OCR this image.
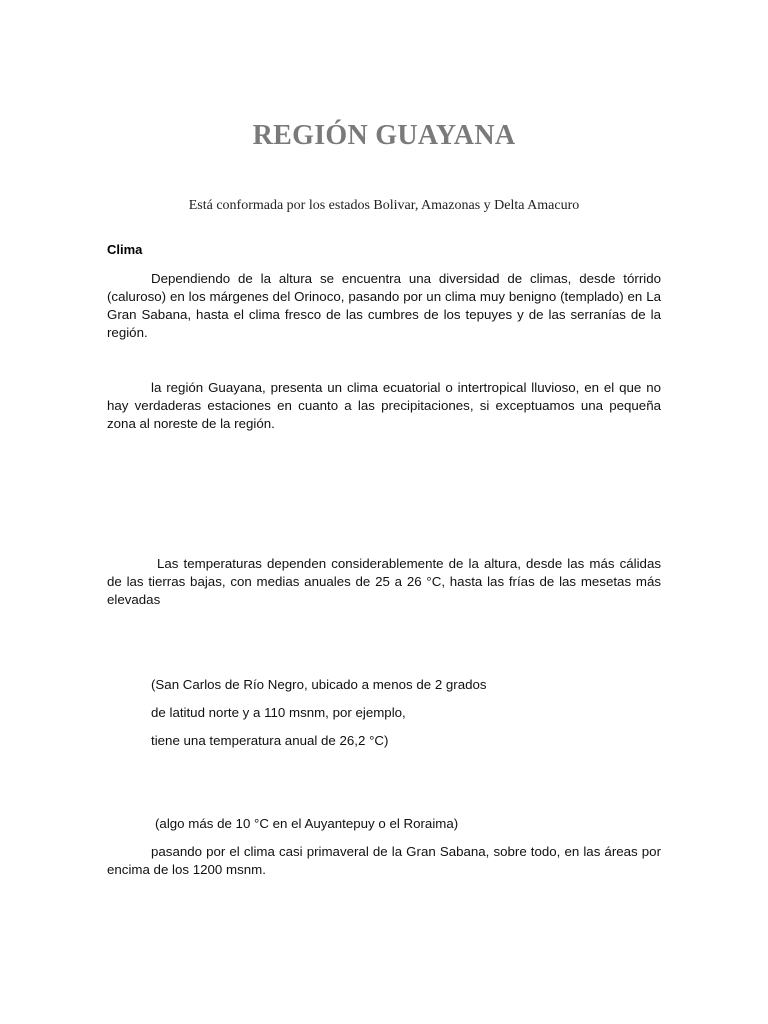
REGIÓN GUAYANA
Está conformada por los estados Bolivar, Amazonas y Delta Amacuro
Clima
Dependiendo de la altura se encuentra una diversidad de climas, desde tórrido (caluroso) en los márgenes del Orinoco, pasando por un clima muy benigno (templado) en La Gran Sabana, hasta el clima fresco de las cumbres de los tepuyes y de las serranías de la región.
la región Guayana, presenta un clima ecuatorial o intertropical lluvioso, en el que no hay verdaderas estaciones en cuanto a las precipitaciones, si exceptuamos una pequeña zona al noreste de la región.
Las temperaturas dependen considerablemente de la altura, desde las más cálidas de las tierras bajas, con medias anuales de 25 a 26 °C, hasta las frías de las mesetas más elevadas
(San Carlos de Río Negro, ubicado a menos de 2 grados
de latitud norte y a 110 msnm, por ejemplo,
tiene una temperatura anual de 26,2 °C)
(algo más de 10 °C en el Auyantepuy o el Roraima)
pasando por el clima casi primaveral de la Gran Sabana, sobre todo, en las áreas por encima de los 1200 msnm.
